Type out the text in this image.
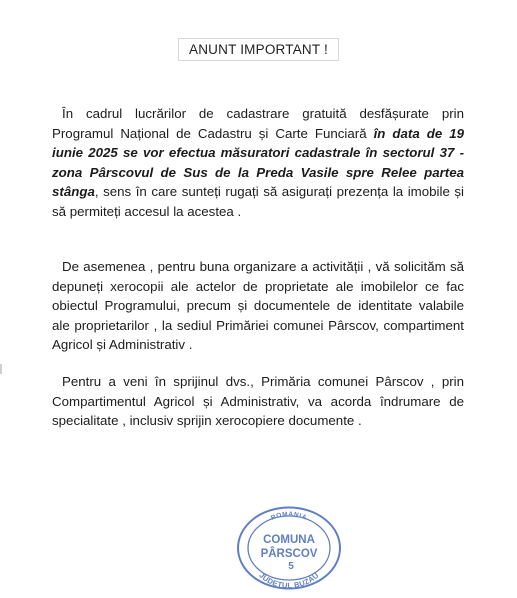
ANUNT IMPORTANT !
În cadrul lucrărilor de cadastrare gratuită desfășurate prin Programul Național de Cadastru și Carte Funciară în data de 19 iunie 2025 se vor efectua măsuratori cadastrale în sectorul 37 -zona Pârscovul de Sus de la Preda Vasile spre Relee partea stânga, sens în care sunteți rugați să asigurați prezența la imobile și să permiteți accesul la acestea .
De asemenea , pentru buna organizare a activității , vă solicităm să depuneți xerocopii ale actelor de proprietate ale imobilelor ce fac obiectul Programului, precum și documentele de identitate valabile ale proprietarilor , la sediul Primăriei comunei Pârscov, compartiment Agricol și Administrativ .
Pentru a veni în sprijinul dvs., Primăria comunei Pârscov , prin Compartimentul Agricol și Administrativ, va acorda îndrumare de specialitate , inclusiv sprijin xerocopiere documente .
ROMANIA
COMUNA
PÂRSCOV
5
JUDETUL BUZĂU
